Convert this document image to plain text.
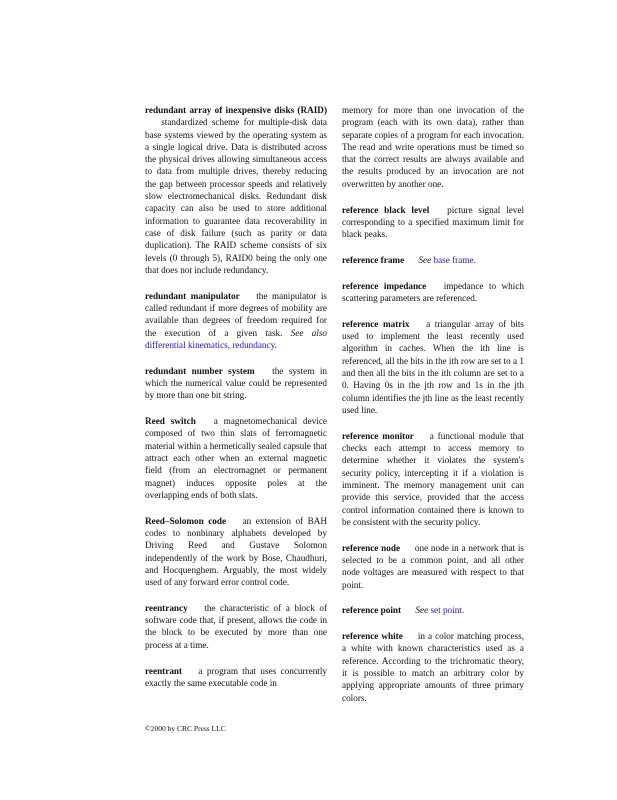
redundant array of inexpensive disks (RAID) standardized scheme for multiple-disk data base systems viewed by the operating system as a single logical drive. Data is distributed across the physical drives allowing simultaneous access to data from multiple drives, thereby reducing the gap between processor speeds and relatively slow electromechanical disks. Redundant disk capacity can also be used to store additional information to guarantee data recoverability in case of disk failure (such as parity or data duplication). The RAID scheme consists of six levels (0 through 5), RAID0 being the only one that does not include redundancy.
redundant manipulator the manipulator is called redundant if more degrees of mobility are available than degrees of freedom required for the execution of a given task. See also differential kinematics, redundancy.
redundant number system the system in which the numerical value could be represented by more than one bit string.
Reed switch a magnetomechanical device composed of two thin slats of ferromagnetic material within a hermetically sealed capsule that attract each other when an external magnetic field (from an electromagnet or permanent magnet) induces opposite poles at the overlapping ends of both slats.
Reed–Solomon code an extension of BAH codes to nonbinary alphabets developed by Driving Reed and Gustave Solomon independently of the work by Bose, Chaudhuri, and Hocquenghem. Arguably, the most widely used of any forward error control code.
reentrancy the characteristic of a block of software code that, if present, allows the code in the block to be executed by more than one process at a time.
reentrant a program that uses concurrently exactly the same executable code in
memory for more than one invocation of the program (each with its own data), rather than separate copies of a program for each invocation. The read and write operations must be timed so that the correct results are always available and the results produced by an invocation are not overwritten by another one.
reference black level picture signal level corresponding to a specified maximum limit for black peaks.
reference frame See base frame.
reference impedance impedance to which scattering parameters are referenced.
reference matrix a triangular array of bits used to implement the least recently used algorithm in caches. When the ith line is referenced, all the bits in the ith row are set to a 1 and then all the bits in the ith column are set to a 0. Having 0s in the jth row and 1s in the jth column identifies the jth line as the least recently used line.
reference monitor a functional module that checks each attempt to access memory to determine whether it violates the system's security policy, intercepting it if a violation is imminent. The memory management unit can provide this service, provided that the access control information contained there is known to be consistent with the security policy.
reference node one node in a network that is selected to be a common point, and all other node voltages are measured with respect to that point.
reference point See set point.
reference white in a color matching process, a white with known characteristics used as a reference. According to the trichromatic theory, it is possible to match an arbitrary color by applying appropriate amounts of three primary colors.
©2000 by CRC Press LLC
